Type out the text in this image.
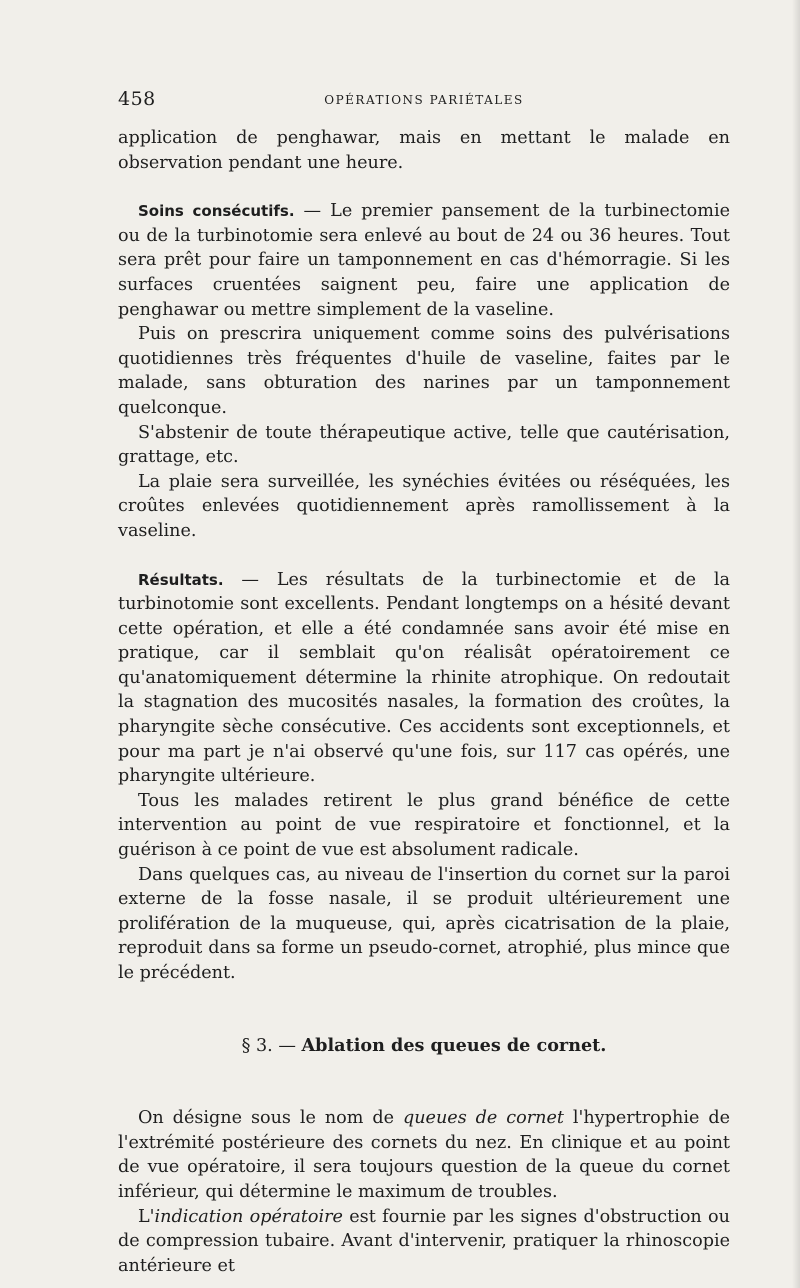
458	OPÉRATIONS PARIÉTALES

application de penghawar, mais en mettant le malade en observation pendant une heure.

Soins consécutifs. — Le premier pansement de la turbinectomie ou de la turbinotomie sera enlevé au bout de 24 ou 36 heures. Tout sera prêt pour faire un tamponnement en cas d'hémorragie. Si les surfaces cruentées saignent peu, faire une application de penghawar ou mettre simplement de la vaseline.

Puis on prescrira uniquement comme soins des pulvérisations quotidiennes très fréquentes d'huile de vaseline, faites par le malade, sans obturation des narines par un tamponnement quelconque.

S'abstenir de toute thérapeutique active, telle que cautérisation, grattage, etc.

La plaie sera surveillée, les synéchies évitées ou réséquées, les croûtes enlevées quotidiennement après ramollissement à la vaseline.

Résultats. — Les résultats de la turbinectomie et de la turbinotomie sont excellents. Pendant longtemps on a hésité devant cette opération, et elle a été condamnée sans avoir été mise en pratique, car il semblait qu'on réalisât opératoirement ce qu'anatomiquement détermine la rhinite atrophique. On redoutait la stagnation des mucosités nasales, la formation des croûtes, la pharyngite sèche consécutive. Ces accidents sont exceptionnels, et pour ma part je n'ai observé qu'une fois, sur 117 cas opérés, une pharyngite ultérieure.

Tous les malades retirent le plus grand bénéfice de cette intervention au point de vue respiratoire et fonctionnel, et la guérison à ce point de vue est absolument radicale.

Dans quelques cas, au niveau de l'insertion du cornet sur la paroi externe de la fosse nasale, il se produit ultérieurement une prolifération de la muqueuse, qui, après cicatrisation de la plaie, reproduit dans sa forme un pseudo-cornet, atrophié, plus mince que le précédent.

§ 3. — Ablation des queues de cornet.

On désigne sous le nom de queues de cornet l'hypertrophie de l'extrémité postérieure des cornets du nez. En clinique et au point de vue opératoire, il sera toujours question de la queue du cornet inférieur, qui détermine le maximum de troubles.

L'indication opératoire est fournie par les signes d'obstruction ou de compression tubaire. Avant d'intervenir, pratiquer la rhinoscopie antérieure et
